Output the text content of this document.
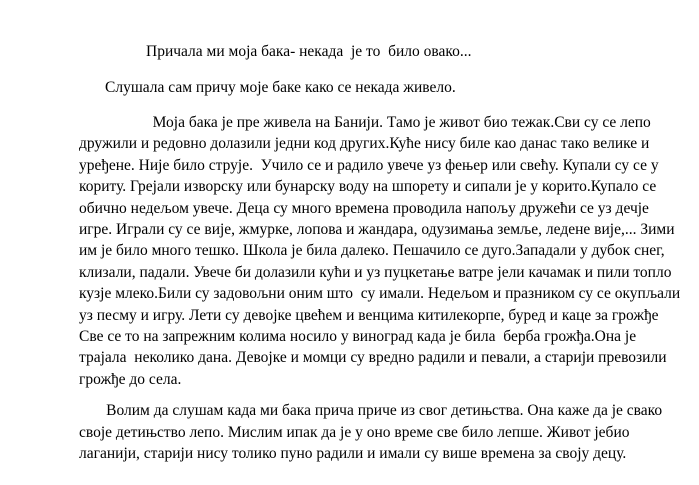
Причала ми моја бака- некада  је то  било овако...

Слушала сам причу моје баке како се некада живело.

Моја бака је пре живела на Банији. Тамо је живот био тежак.Сви су се лепо
дружили и редовно долазили једни код других.Куће нису биле као данас тако велике и
уређене. Није било струје.  Учило се и радило увече уз фењер или свећу. Купали су се у
кориту. Грејали изворску или бунарску воду на шпорету и сипали је у корито.Купало се
обично недељом увече. Деца су много времена проводила напољу дружећи се уз дечје
игре. Играли су се вије, жмурке, лопова и жандара, одузимања земље, ледене вије,... Зими
им је било много тешко. Школа је била далеко. Пешачило се дуго.Западали у дубок снег,
клизали, падали. Увече би долазили кући и уз пуцкетање ватре јели качамак и пили топло
кузје млеко.Били су задовољни оним што  су имали. Недељом и празником су се окупљали
уз песму и игру. Лети су девојке цвећем и венцима китилекорпе, буред и каце за грожђе
Све се то на запрежним колима носило у виноград када је била  берба грожђа.Она је
трајала  неколико дана. Девојке и момци су вредно радили и певали, а старији превозили
грожђе до села.

Волим да слушам када ми бака прича приче из свог детињства. Она каже да је свако
своје детињство лепо. Мислим ипак да је у оно време све било лепше. Живот јебио
лаганији, старији нису толико пуно радили и имали су више времена за своју децу.
